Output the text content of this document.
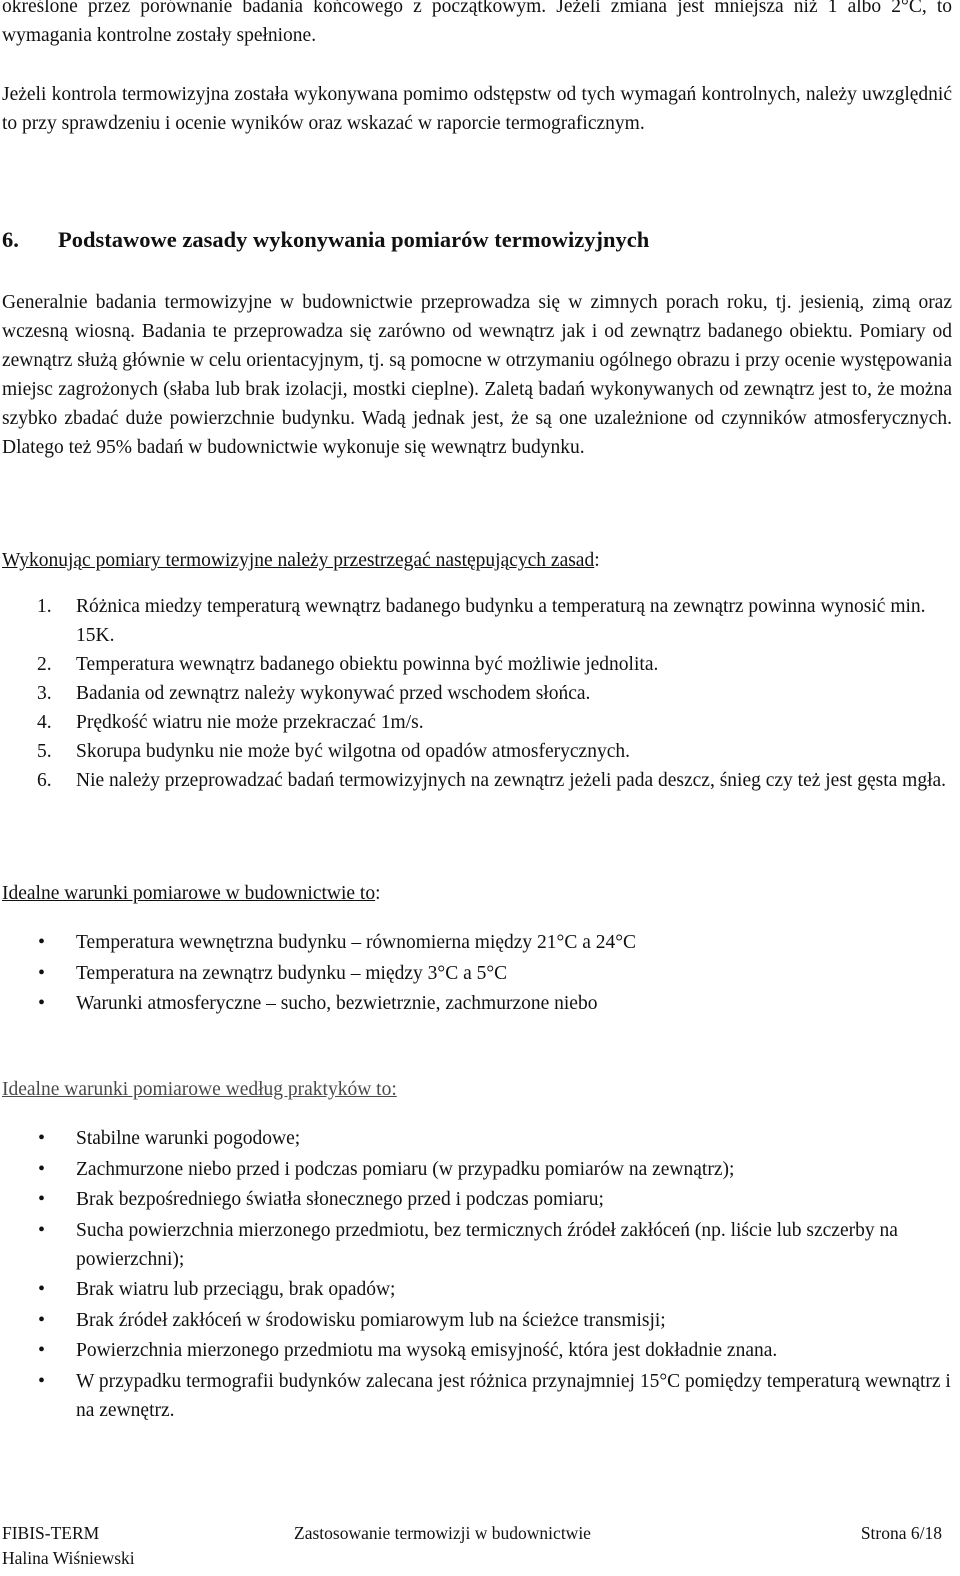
określone przez porównanie badania końcowego z początkowym. Jeżeli zmiana jest mniejsza niż 1 albo 2°C, to wymagania kontrolne zostały spełnione.

Jeżeli kontrola termowizyjna została wykonywana pomimo odstępstw od tych wymagań kontrolnych, należy uwzględnić to przy sprawdzeniu i ocenie wyników oraz wskazać w raporcie termograficznym.

6. Podstawowe zasady wykonywania pomiarów termowizyjnych

Generalnie badania termowizyjne w budownictwie przeprowadza się w zimnych porach roku, tj. jesienią, zimą oraz wczesną wiosną. Badania te przeprowadza się zarówno od wewnątrz jak i od zewnątrz badanego obiektu. Pomiary od zewnątrz służą głównie w celu orientacyjnym, tj. są pomocne w otrzymaniu ogólnego obrazu i przy ocenie występowania miejsc zagrożonych (słaba lub brak izolacji, mostki cieplne). Zaletą badań wykonywanych od zewnątrz jest to, że można szybko zbadać duże powierzchnie budynku. Wadą jednak jest, że są one uzależnione od czynników atmosferycznych. Dlatego też 95% badań w budownictwie wykonuje się wewnątrz budynku.

Wykonując pomiary termowizyjne należy przestrzegać następujących zasad:

1. Różnica miedzy temperaturą wewnątrz badanego budynku a temperaturą na zewnątrz powinna wynosić min. 15K.
2. Temperatura wewnątrz badanego obiektu powinna być możliwie jednolita.
3. Badania od zewnątrz należy wykonywać przed wschodem słońca.
4. Prędkość wiatru nie może przekraczać 1m/s.
5. Skorupa budynku nie może być wilgotna od opadów atmosferycznych.
6. Nie należy przeprowadzać badań termowizyjnych na zewnątrz jeżeli pada deszcz, śnieg czy też jest gęsta mgła.

Idealne warunki pomiarowe w budownictwie to:

• Temperatura wewnętrzna budynku – równomierna między 21°C a 24°C
• Temperatura na zewnątrz budynku – między 3°C a 5°C
• Warunki atmosferyczne – sucho, bezwietrznie, zachmurzone niebo

Idealne warunki pomiarowe według praktyków to:

• Stabilne warunki pogodowe;
• Zachmurzone niebo przed i podczas pomiaru (w przypadku pomiarów na zewnątrz);
• Brak bezpośredniego światła słonecznego przed i podczas pomiaru;
• Sucha powierzchnia mierzonego przedmiotu, bez termicznych źródeł zakłóceń (np. liście lub szczerby na powierzchni);
• Brak wiatru lub przeciągu, brak opadów;
• Brak źródeł zakłóceń w środowisku pomiarowym lub na ścieżce transmisji;
• Powierzchnia mierzonego przedmiotu ma wysoką emisyjność, która jest dokładnie znana.
• W przypadku termografii budynków zalecana jest różnica przynajmniej 15°C pomiędzy temperaturą wewnątrz i na zewnętrz.
FIBIS-TERM	Zastosowanie termowizji w budownictwie	Strona 6/18
Halina Wiśniewski
